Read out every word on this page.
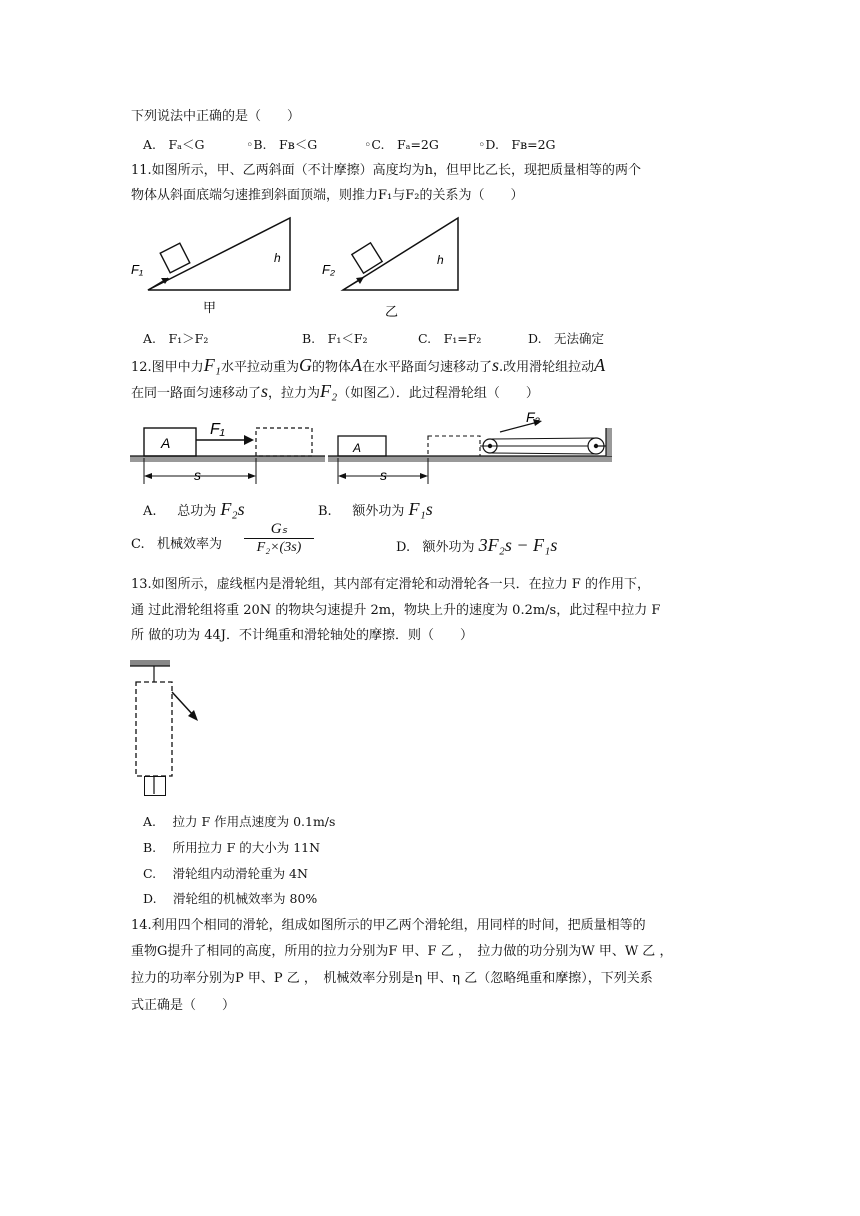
下列说法中正确的是（　　）
A.　Fₐ＜G	◦B.　Fʙ＜G	◦C.　Fₐ=2G	◦D.　Fʙ=2G
11.如图所示，甲、乙两斜面（不计摩擦）高度均为h，但甲比乙长，现把质量相等的两个
物体从斜面底端匀速推到斜面顶端，则推力F₁与F₂的关系为（　　）
F₁
h
甲
F₂
h
乙
A.　F₁＞F₂	B.　F₁＜F₂	C.　F₁=F₂	D.　无法确定
12.图甲中力F₁水平拉动重为G的物体A在水平路面匀速移动了s.改用滑轮组拉动A
在同一路面匀速移动了s，拉力为F₂（如图乙）．此过程滑轮组（　　）
A
F₁
s
A
F₂
s
A. 总功为 F₂s	B. 额外功为 F₁s
C. 机械效率为 $\frac{\text{Gₛ}}{\text{F₂×(3s)}}$	D. 额外功为 3F₂s − F₁s
13.如图所示，虚线框内是滑轮组，其内部有定滑轮和动滑轮各一只．在拉力 F 的作用下，
通 过此滑轮组将重 20N 的物块匀速提升 2m，物块上升的速度为 0.2m/s，此过程中拉力 F
所 做的功为 44J．不计绳重和滑轮轴处的摩擦．则（　　）
A.　 拉力 F 作用点速度为 0.1m/s
B.　 所用拉力 F 的大小为 11N
C.　 滑轮组内动滑轮重为 4N
D.　 滑轮组的机械效率为 80%
14.利用四个相同的滑轮，组成如图所示的甲乙两个滑轮组，用同样的时间，把质量相等的
重物G提升了相同的高度，所用的拉力分别为F 甲、F 乙 ，　拉力做的功分别为W 甲、W 乙 ，
拉力的功率分别为P 甲、P 乙 ，　机械效率分别是η 甲、η 乙（忽略绳重和摩擦），下列关系
式正确是（　　）
